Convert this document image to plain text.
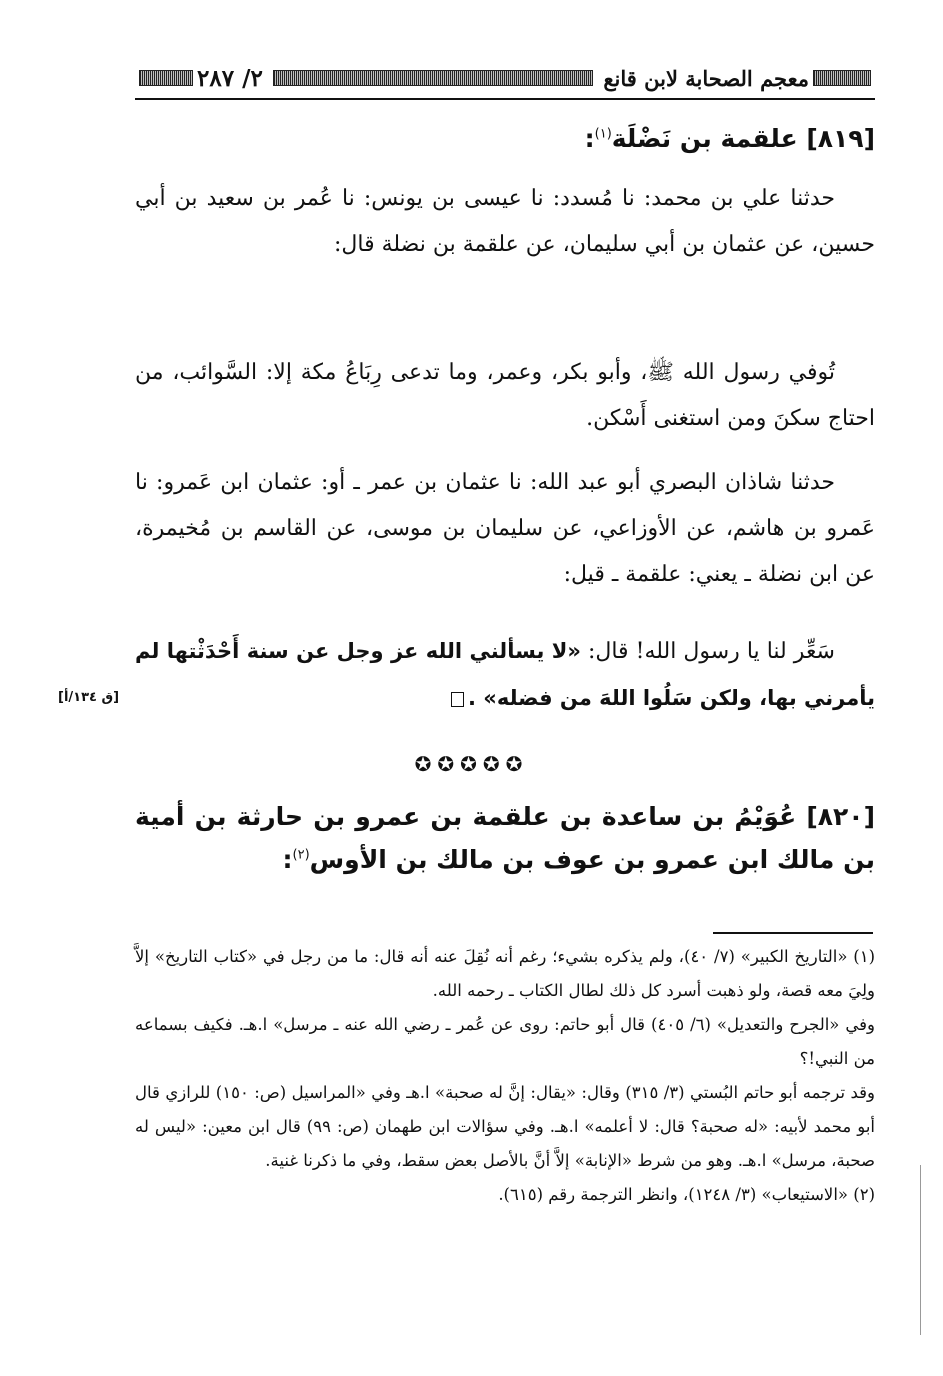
معجم الصحابة لابن قانع
٢/ ٢٨٧
[٨١٩] علقمة بن نَضْلَة$^{(١)}$:

حدثنا علي بن محمد: نا مُسدد: نا عيسى بن يونس: نا عُمر بن سعيد بن أبي حسين، عن عثمان بن أبي سليمان، عن علقمة بن نضلة قال:

تُوفي رسول الله ﷺ، وأبو بكر، وعمر، وما تدعى رِبَاعُ مكة إلا: السَّوائب، من احتاج سكنَ ومن استغنى أَسْكن.

حدثنا شاذان البصري أبو عبد الله: نا عثمان بن عمر ـ أو: عثمان ابن عَمرو: نا عَمرو بن هاشم، عن الأوزاعي، عن سليمان بن موسى، عن القاسم بن مُخيمرة، عن ابن نضلة ـ يعني: علقمة ـ قيل:

سَعِّر لنا يا رسول الله! قال: «لا يسألني الله عز وجل عن سنة أَحْدَثْتها لم يأمرني بها، ولكن سَلُوا اللهَ من فضله» .

[ق ١٣٤/أ]
✪✪✪✪✪
[٨٢٠] عُوَيْمُ بن ساعدة بن علقمة بن عمرو بن حارثة بن أمية بن مالك ابن عمرو بن عوف بن مالك بن الأوس$^{(٢)}$:

(١) «التاريخ الكبير» (٧/ ٤٠)، ولم يذكره بشيء؛ رغم أنه نُقِلَ عنه أنه قال: ما من رجل في «كتاب التاريخ» إلاَّ ولِيَ معه قصة، ولو ذهبت أسرد كل ذلك لطال الكتاب ـ رحمه الله.

وفي «الجرح والتعديل» (٦/ ٤٠٥) قال أبو حاتم: روى عن عُمر ـ رضي الله عنه ـ مرسل» ا.هـ. فكيف بسماعه من النبي!؟

وقد ترجمه أبو حاتم البُستي (٣/ ٣١٥) وقال: «يقال: إنَّ له صحبة» ا.هـ وفي «المراسيل (ص: ١٥٠) للرازي قال أبو محمد لأبيه: «له صحبة؟ قال: لا أعلمه» ا.هـ. وفي سؤالات ابن طهمان (ص: ٩٩) قال ابن معين: «ليس له صحبة، مرسل» ا.هـ. وهو من شرط «الإنابة» إلاَّ أنَّ بالأصل بعض سقط، وفي ما ذكرنا غنية.

(٢) «الاستيعاب» (٣/ ١٢٤٨)، وانظر الترجمة رقم (٦١٥).
